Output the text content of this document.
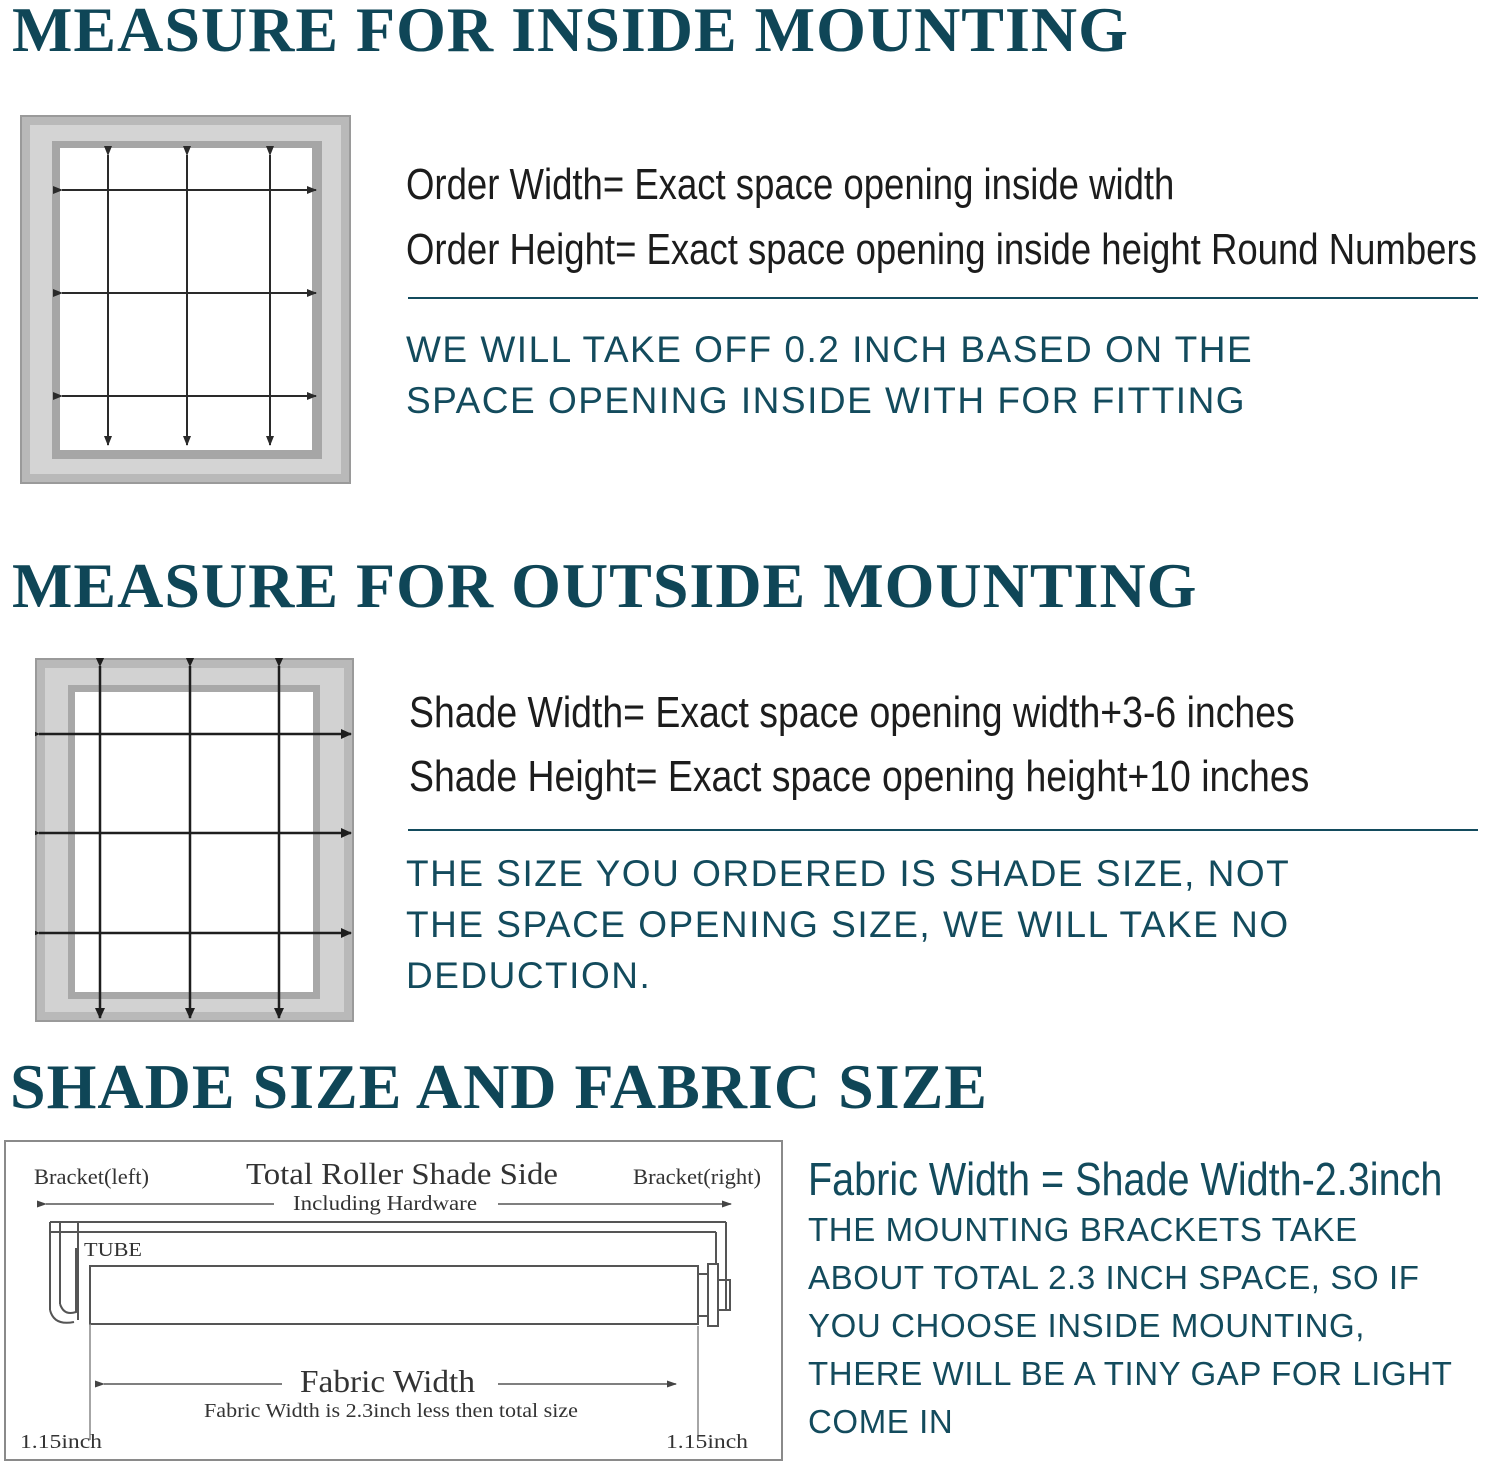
MEASURE FOR INSIDE MOUNTING

Order Width= Exact space opening inside width

Order Height= Exact space opening inside height Round Numbers

WE WILL TAKE OFF 0.2 INCH BASED ON THE

SPACE OPENING INSIDE WITH FOR FITTING

MEASURE FOR OUTSIDE MOUNTING

Shade Width= Exact space opening width+3-6 inches

Shade Height= Exact space opening height+10 inches

THE SIZE YOU ORDERED IS SHADE SIZE, NOT

THE SPACE OPENING SIZE, WE WILL TAKE NO

DEDUCTION.

SHADE SIZE AND FABRIC SIZE
Bracket(left)	Total Roller Shade Side
Including Hardware
Bracket(right)
TUBE
Fabric Width
Fabric Width is 2.3inch less then total size
1.15inch	1.15inch

Fabric Width = Shade Width-2.3inch

THE MOUNTING BRACKETS TAKE

ABOUT TOTAL 2.3 INCH SPACE, SO IF

YOU CHOOSE INSIDE MOUNTING,

THERE WILL BE A TINY GAP FOR LIGHT

COME IN
